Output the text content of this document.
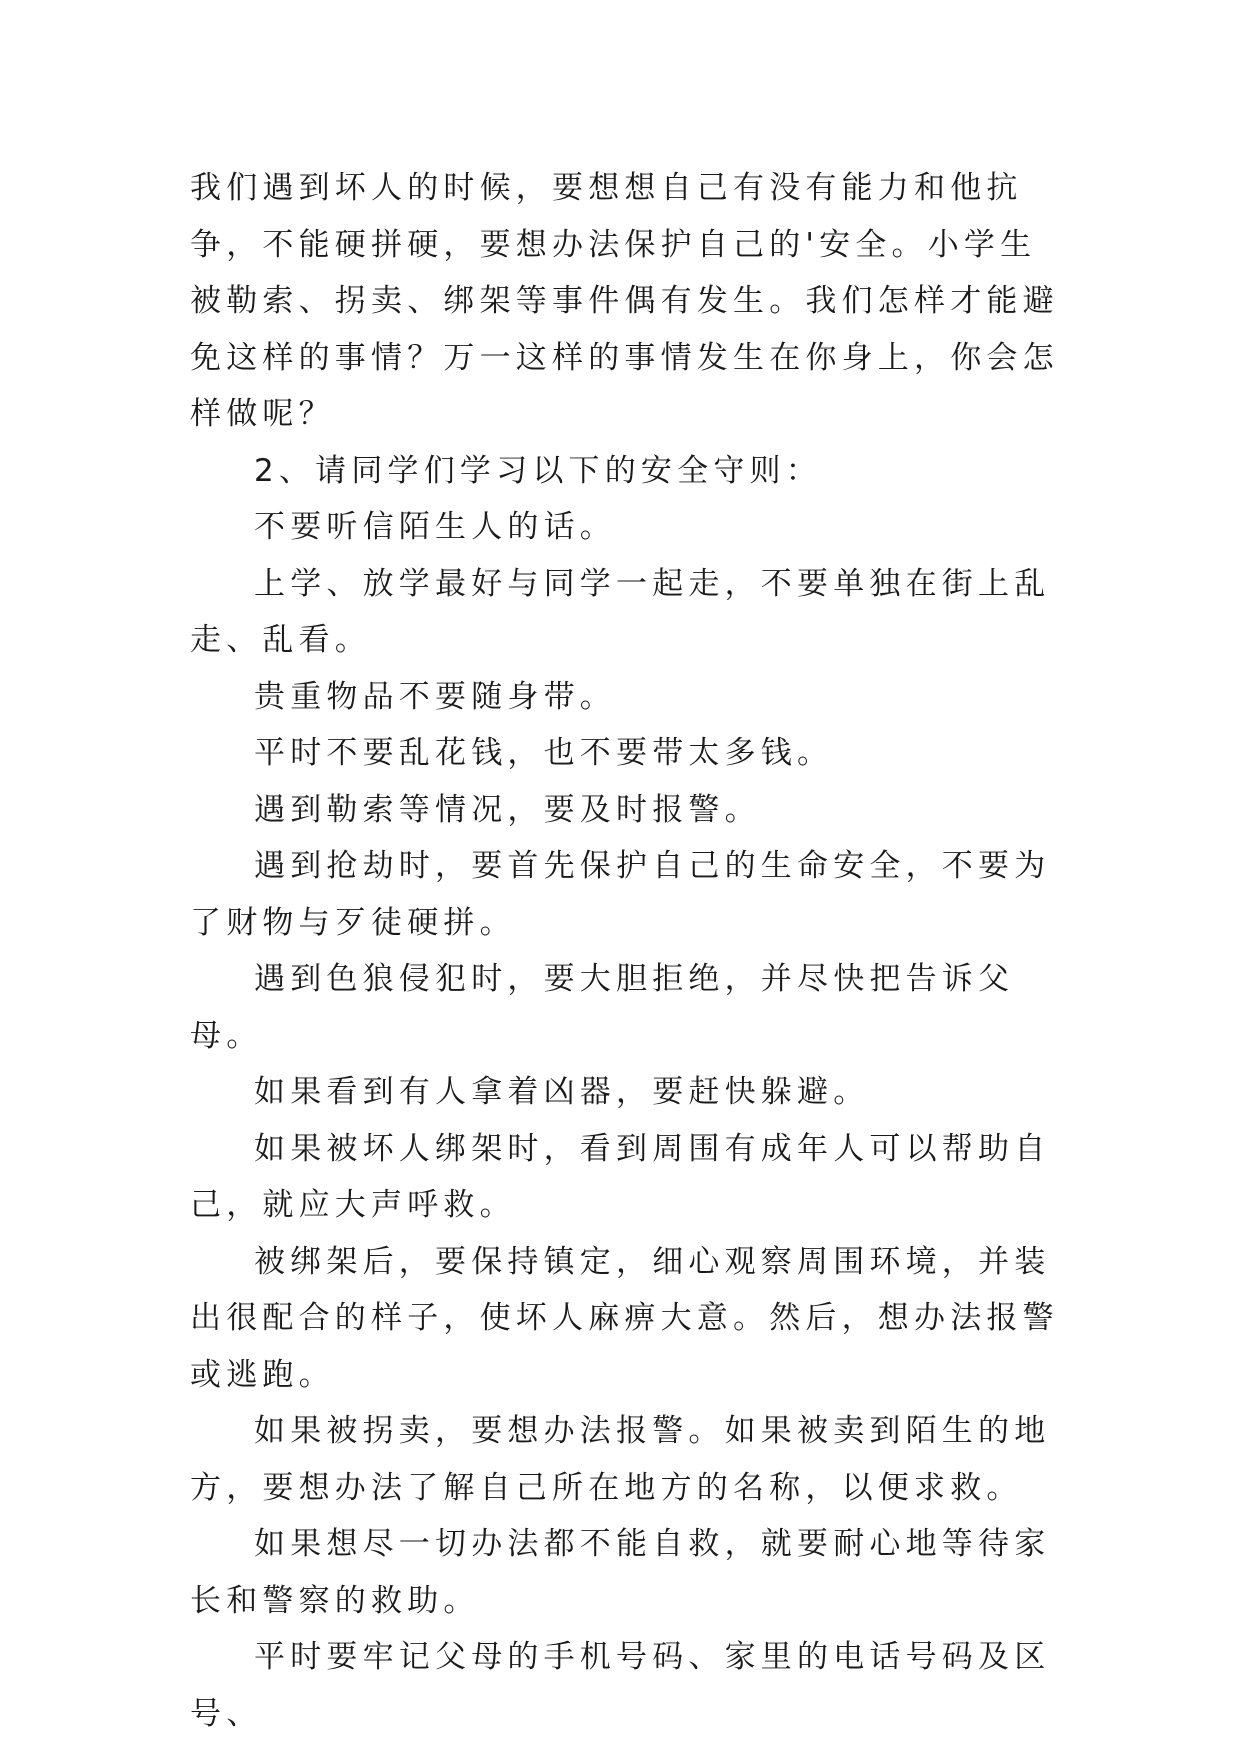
我们遇到坏人的时候，要想想自己有没有能力和他抗争，不能硬拼硬，要想办法保护自己的'安全。小学生被勒索、拐卖、绑架等事件偶有发生。我们怎样才能避免这样的事情？万一这样的事情发生在你身上，你会怎样做呢？

2、请同学们学习以下的安全守则：

不要听信陌生人的话。

上学、放学最好与同学一起走，不要单独在街上乱走、乱看。

贵重物品不要随身带。

平时不要乱花钱，也不要带太多钱。

遇到勒索等情况，要及时报警。

遇到抢劫时，要首先保护自己的生命安全，不要为了财物与歹徒硬拼。

遇到色狼侵犯时，要大胆拒绝，并尽快把告诉父母。

如果看到有人拿着凶器，要赶快躲避。

如果被坏人绑架时，看到周围有成年人可以帮助自己，就应大声呼救。

被绑架后，要保持镇定，细心观察周围环境，并装出很配合的样子，使坏人麻痹大意。然后，想办法报警或逃跑。

如果被拐卖，要想办法报警。如果被卖到陌生的地方，要想办法了解自己所在地方的名称，以便求救。

如果想尽一切办法都不能自救，就要耐心地等待家长和警察的救助。

平时要牢记父母的手机号码、家里的电话号码及区号、
